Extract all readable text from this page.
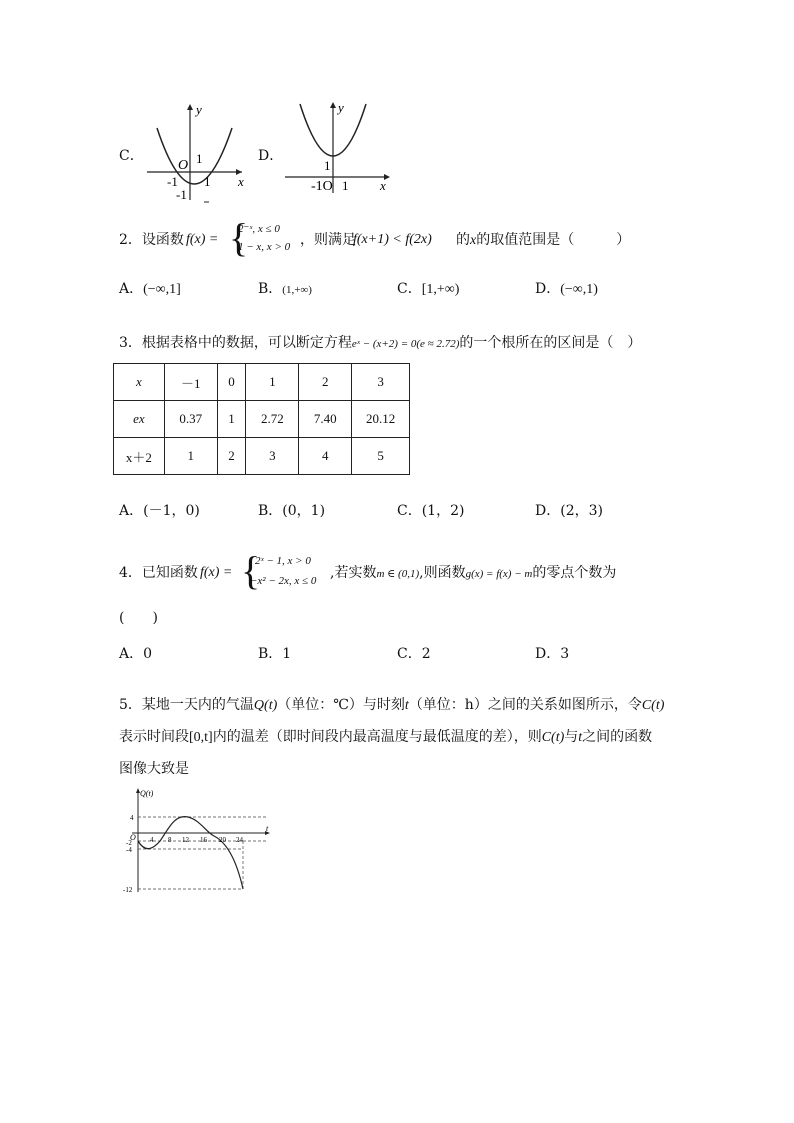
C．
y
x
O 1
-1 1
-1
D．
y
x
1
-1O 1
2．设函数 f(x) = {
2⁻ˣ, x ≤ 0
1 − x, x > 0 ，则满足
f(x+1) < f(2x) 的x的取值范围是（　　　）
A．(−∞,1]	B．(1,+∞)	C．[1,+∞)	D．(−∞,1)
3．根据表格中的数据，可以断定方程eˣ − (x+2) = 0(e ≈ 2.72)的一个根所在的区间是（　）
x	－1	0	1	2	3
ex	0.37	1	2.72	7.40	20.12
x＋2	1	2	3	4	5
A．(－1，0)	B．(0，1)	C．(1，2)	D．(2，3)
4．已知函数 f(x) = {
2ˣ − 1, x > 0
−x² − 2x, x ≤ 0 ,若实数m ∈ (0,1),则函数g(x) = f(x) − m的零点个数为
(　　)
A．0	B．1	C．2	D．3
5．某地一天内的气温Q(t)（单位：℃）与时刻t（单位：h）之间的关系如图所示，令C(t)
表示时间段[0,t]内的温差（即时间段内最高温度与最低温度的差），则C(t)与t之间的函数
图像大致是
Q(t)
t
O
4
-2
-4
-12
4 8 12 16 20 24
